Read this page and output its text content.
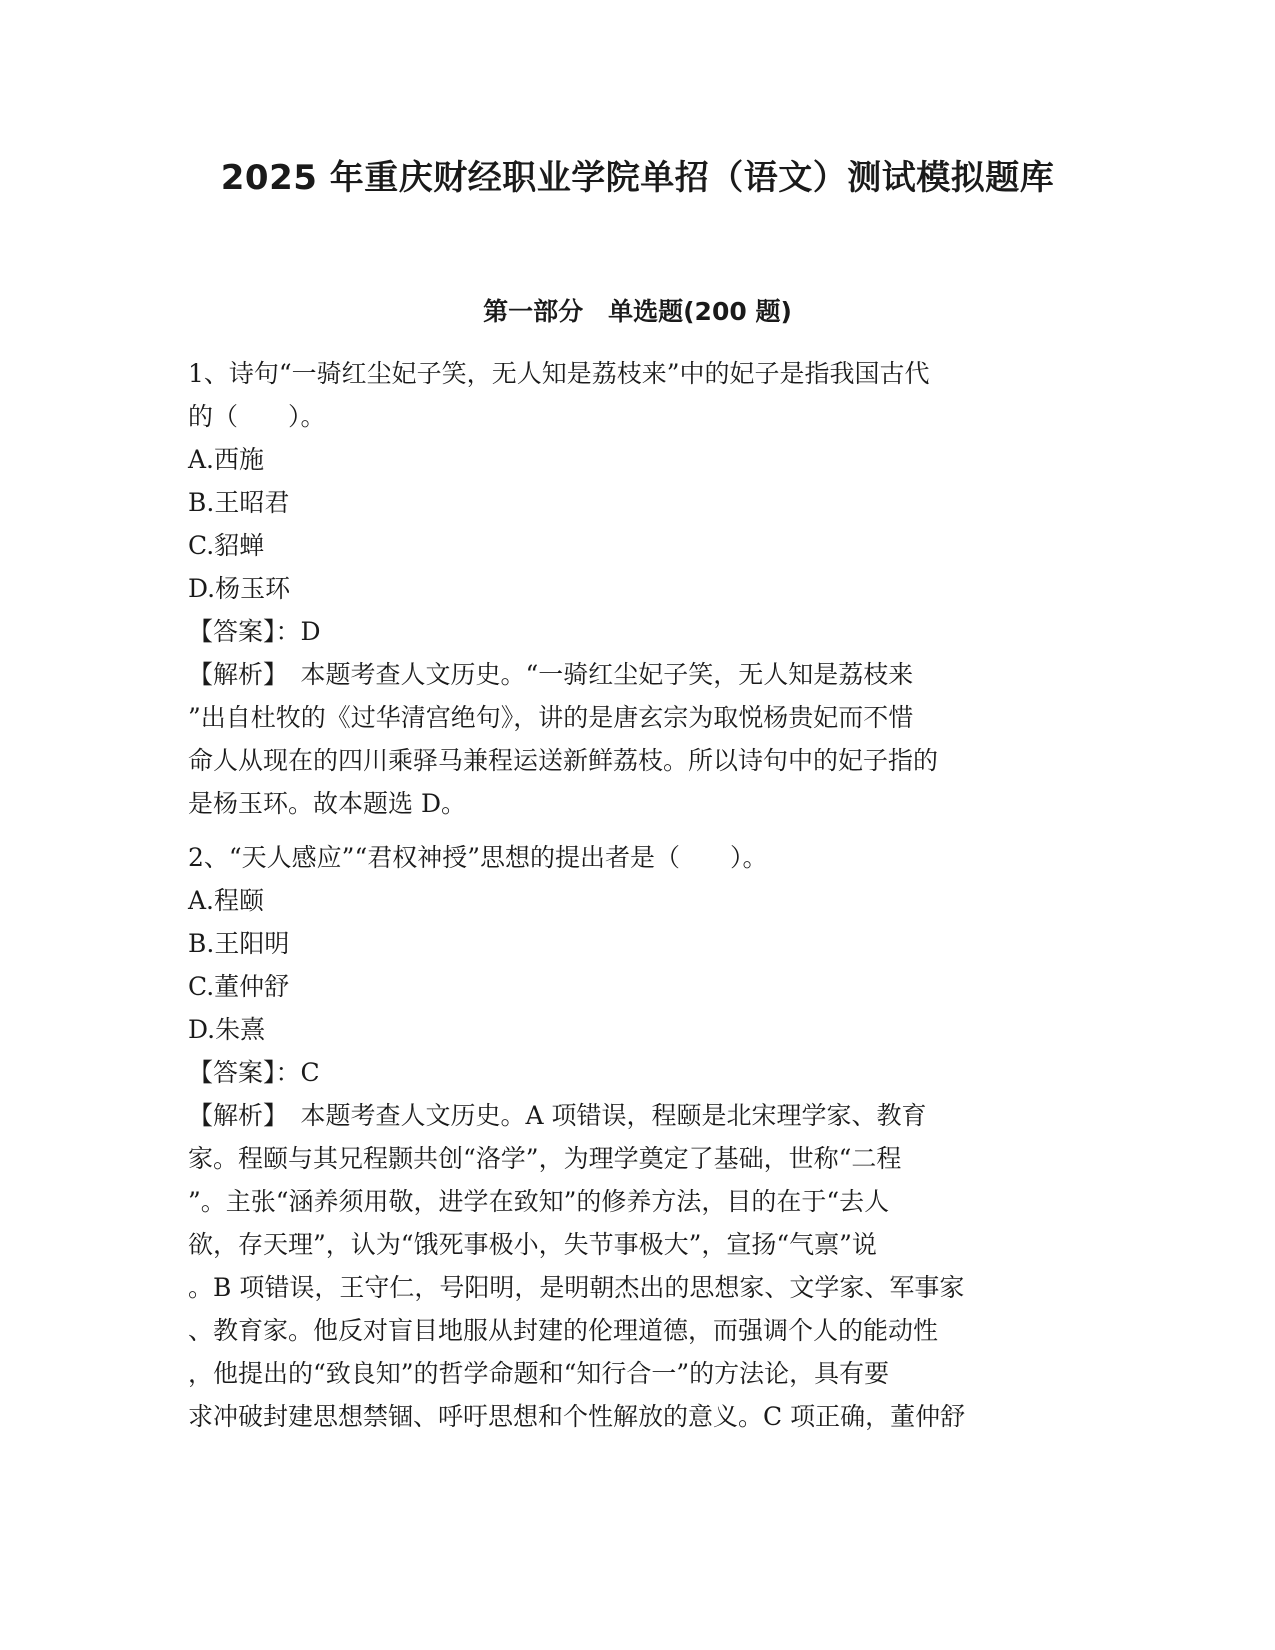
2025 年重庆财经职业学院单招（语文）测试模拟题库
第一部分　单选题(200 题)
1、诗句“一骑红尘妃子笑，无人知是荔枝来”中的妃子是指我国古代
的（　　）。
A.西施
B.王昭君
C.貂蝉
D.杨玉环
【答案】：D
【解析】　本题考查人文历史。“一骑红尘妃子笑，无人知是荔枝来
”出自杜牧的《过华清宫绝句》，讲的是唐玄宗为取悦杨贵妃而不惜
命人从现在的四川乘驿马兼程运送新鲜荔枝。所以诗句中的妃子指的
是杨玉环。故本题选 D。
2、“天人感应”“君权神授”思想的提出者是（　　）。
A.程颐
B.王阳明
C.董仲舒
D.朱熹
【答案】：C
【解析】　本题考查人文历史。A 项错误，程颐是北宋理学家、教育
家。程颐与其兄程颢共创“洛学”，为理学奠定了基础，世称“二程
”。主张“涵养须用敬，进学在致知”的修养方法，目的在于“去人
欲，存天理”，认为“饿死事极小，失节事极大”，宣扬“气禀”说
。B 项错误，王守仁，号阳明，是明朝杰出的思想家、文学家、军事家
、教育家。他反对盲目地服从封建的伦理道德，而强调个人的能动性
，他提出的“致良知”的哲学命题和“知行合一”的方法论，具有要
求冲破封建思想禁锢、呼吁思想和个性解放的意义。C 项正确，董仲舒
